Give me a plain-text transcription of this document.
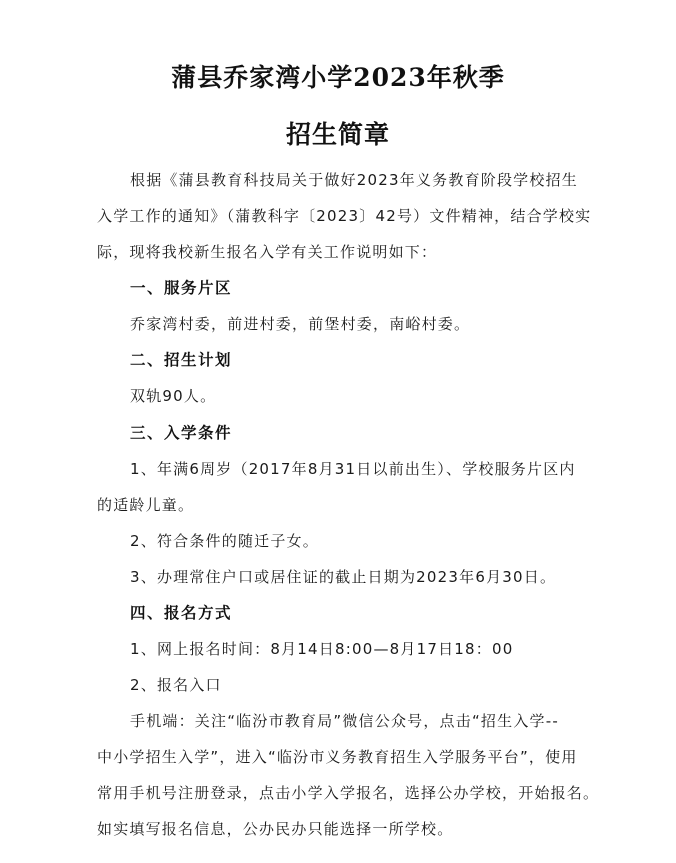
蒲县乔家湾小学2023年秋季
招生简章
根据《蒲县教育科技局关于做好2023年义务教育阶段学校招生
入学工作的通知》（蒲教科字〔2023〕42号）文件精神，结合学校实
际，现将我校新生报名入学有关工作说明如下：
一、服务片区
乔家湾村委，前进村委，前堡村委，南峪村委。
二、招生计划
双轨90人。
三、入学条件
1、年满6周岁（2017年8月31日以前出生）、学校服务片区内
的适龄儿童。
2、符合条件的随迁子女。
3、办理常住户口或居住证的截止日期为2023年6月30日。
四、报名方式
1、网上报名时间：8月14日8:00—8月17日18：00
2、报名入口
手机端：关注“临汾市教育局”微信公众号，点击“招生入学--
中小学招生入学”，进入“临汾市义务教育招生入学服务平台”，使用
常用手机号注册登录，点击小学入学报名，选择公办学校，开始报名。
如实填写报名信息，公办民办只能选择一所学校。
